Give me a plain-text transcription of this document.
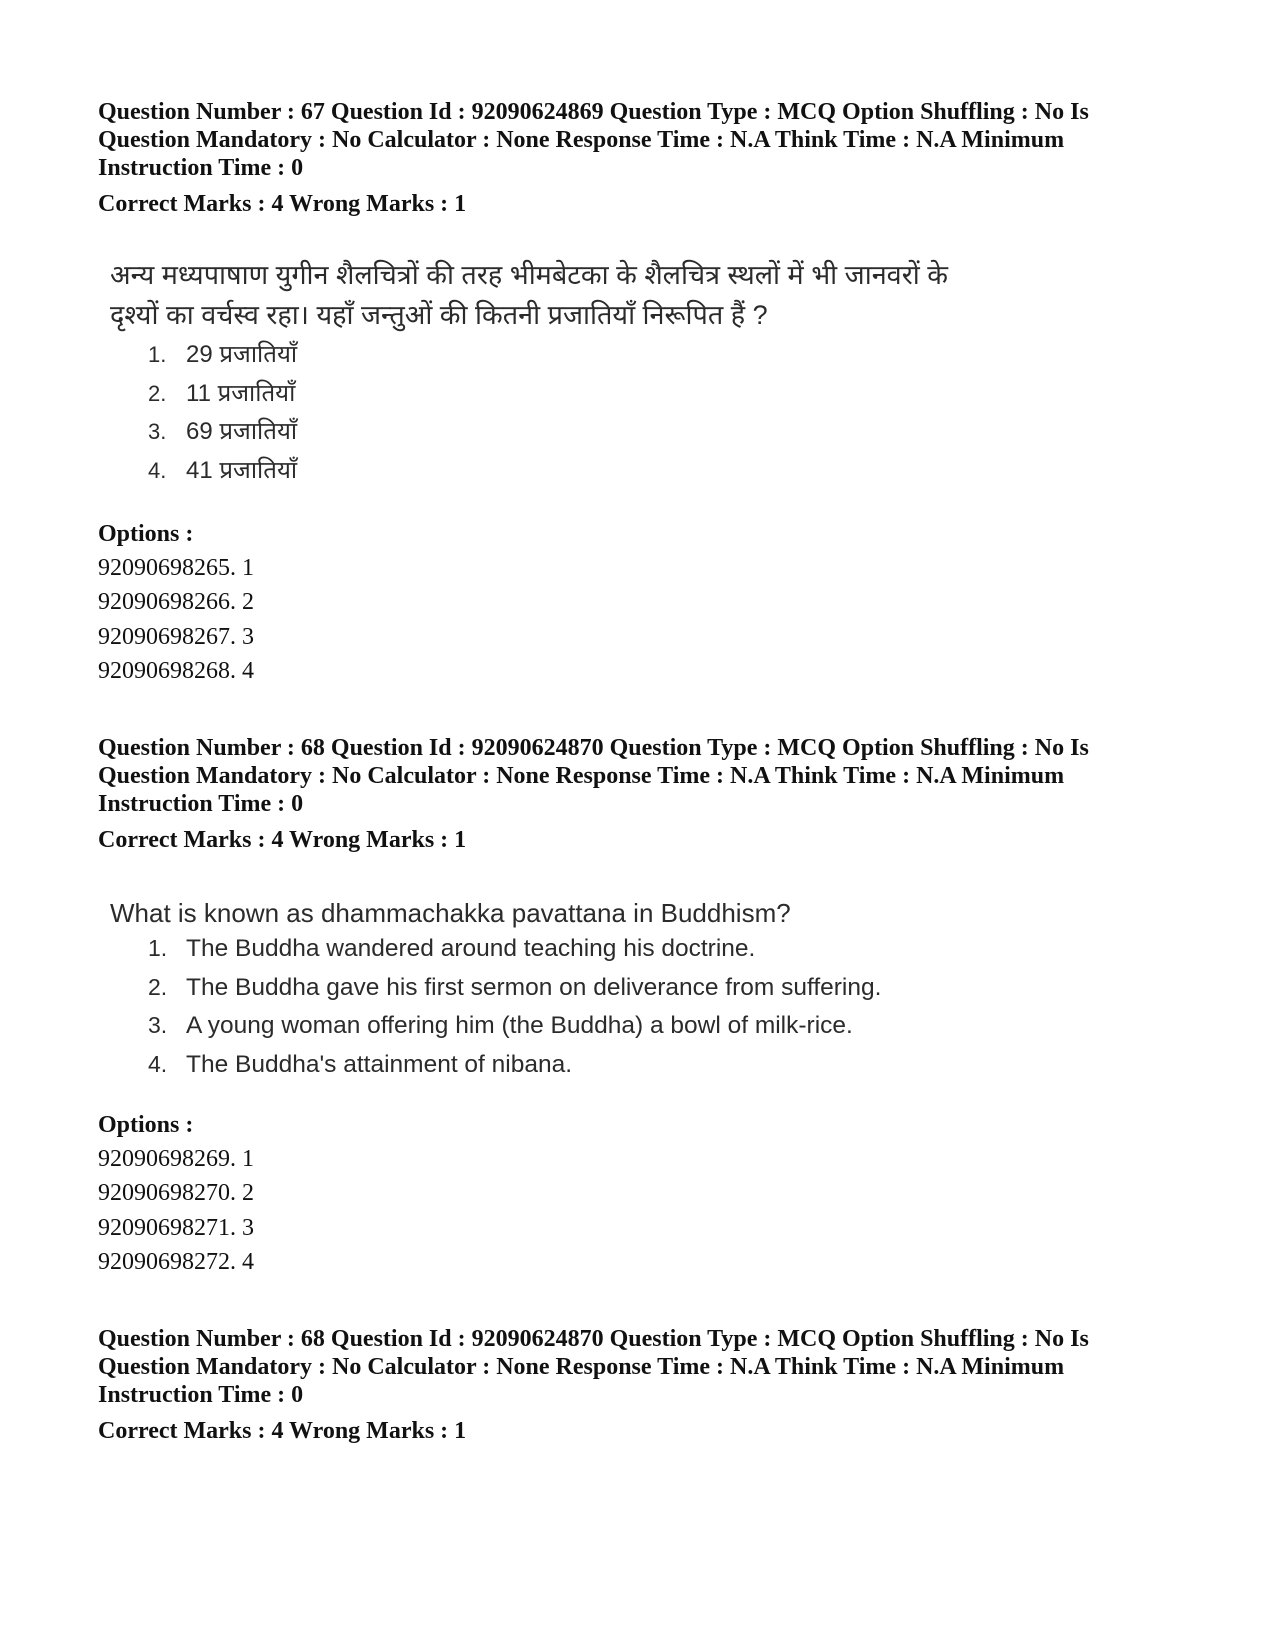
Question Number : 67 Question Id : 92090624869 Question Type : MCQ Option Shuffling : No Is Question Mandatory : No Calculator : None Response Time : N.A Think Time : N.A Minimum Instruction Time : 0
Correct Marks : 4 Wrong Marks : 1
अन्य मध्यपाषाण युगीन शैलचित्रों की तरह भीमबेटका के शैलचित्र स्थलों में भी जानवरों के दृश्यों का वर्चस्व रहा। यहाँ जन्तुओं की कितनी प्रजातियाँ निरूपित हैं ?
1. 29 प्रजातियाँ
2. 11 प्रजातियाँ
3. 69 प्रजातियाँ
4. 41 प्रजातियाँ
Options :
92090698265. 1
92090698266. 2
92090698267. 3
92090698268. 4
Question Number : 68 Question Id : 92090624870 Question Type : MCQ Option Shuffling : No Is Question Mandatory : No Calculator : None Response Time : N.A Think Time : N.A Minimum Instruction Time : 0
Correct Marks : 4 Wrong Marks : 1
What is known as dhammachakka pavattana in Buddhism?
1. The Buddha wandered around teaching his doctrine.
2. The Buddha gave his first sermon on deliverance from suffering.
3. A young woman offering him (the Buddha) a bowl of milk-rice.
4. The Buddha's attainment of nibana.
Options :
92090698269. 1
92090698270. 2
92090698271. 3
92090698272. 4
Question Number : 68 Question Id : 92090624870 Question Type : MCQ Option Shuffling : No Is Question Mandatory : No Calculator : None Response Time : N.A Think Time : N.A Minimum Instruction Time : 0
Correct Marks : 4 Wrong Marks : 1
